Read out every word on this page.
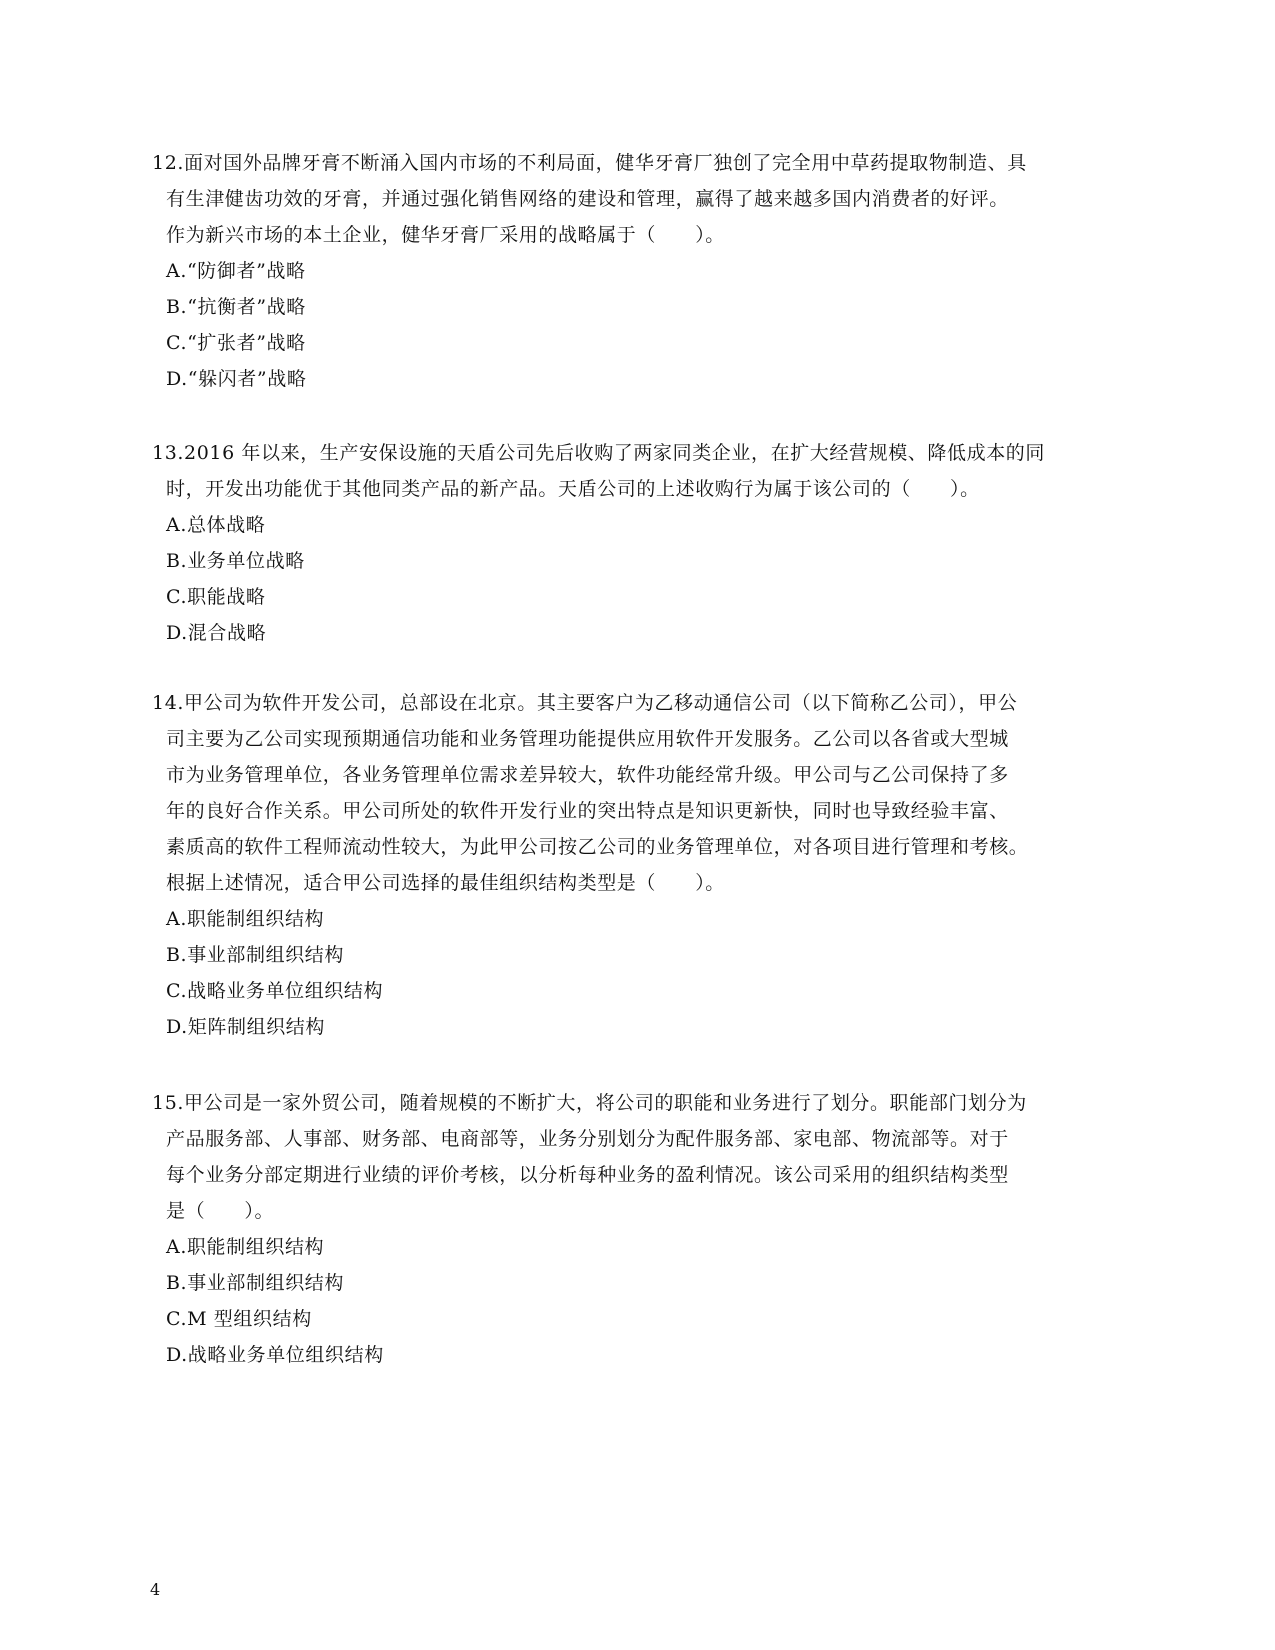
12.面对国外品牌牙膏不断涌入国内市场的不利局面，健华牙膏厂独创了完全用中草药提取物制造、具
有生津健齿功效的牙膏，并通过强化销售网络的建设和管理，赢得了越来越多国内消费者的好评。
作为新兴市场的本土企业，健华牙膏厂采用的战略属于（　　）。
A.“防御者”战略
B.“抗衡者”战略
C.“扩张者”战略
D.“躲闪者”战略
13.2016 年以来，生产安保设施的天盾公司先后收购了两家同类企业，在扩大经营规模、降低成本的同
时，开发出功能优于其他同类产品的新产品。天盾公司的上述收购行为属于该公司的（　　）。
A.总体战略
B.业务单位战略
C.职能战略
D.混合战略
14.甲公司为软件开发公司，总部设在北京。其主要客户为乙移动通信公司（以下简称乙公司），甲公
司主要为乙公司实现预期通信功能和业务管理功能提供应用软件开发服务。乙公司以各省或大型城
市为业务管理单位，各业务管理单位需求差异较大，软件功能经常升级。甲公司与乙公司保持了多
年的良好合作关系。甲公司所处的软件开发行业的突出特点是知识更新快，同时也导致经验丰富、
素质高的软件工程师流动性较大，为此甲公司按乙公司的业务管理单位，对各项目进行管理和考核。
根据上述情况，适合甲公司选择的最佳组织结构类型是（　　）。
A.职能制组织结构
B.事业部制组织结构
C.战略业务单位组织结构
D.矩阵制组织结构
15.甲公司是一家外贸公司，随着规模的不断扩大，将公司的职能和业务进行了划分。职能部门划分为
产品服务部、人事部、财务部、电商部等，业务分别划分为配件服务部、家电部、物流部等。对于
每个业务分部定期进行业绩的评价考核，以分析每种业务的盈利情况。该公司采用的组织结构类型
是（　　）。
A.职能制组织结构
B.事业部制组织结构
C.M 型组织结构
D.战略业务单位组织结构
4
